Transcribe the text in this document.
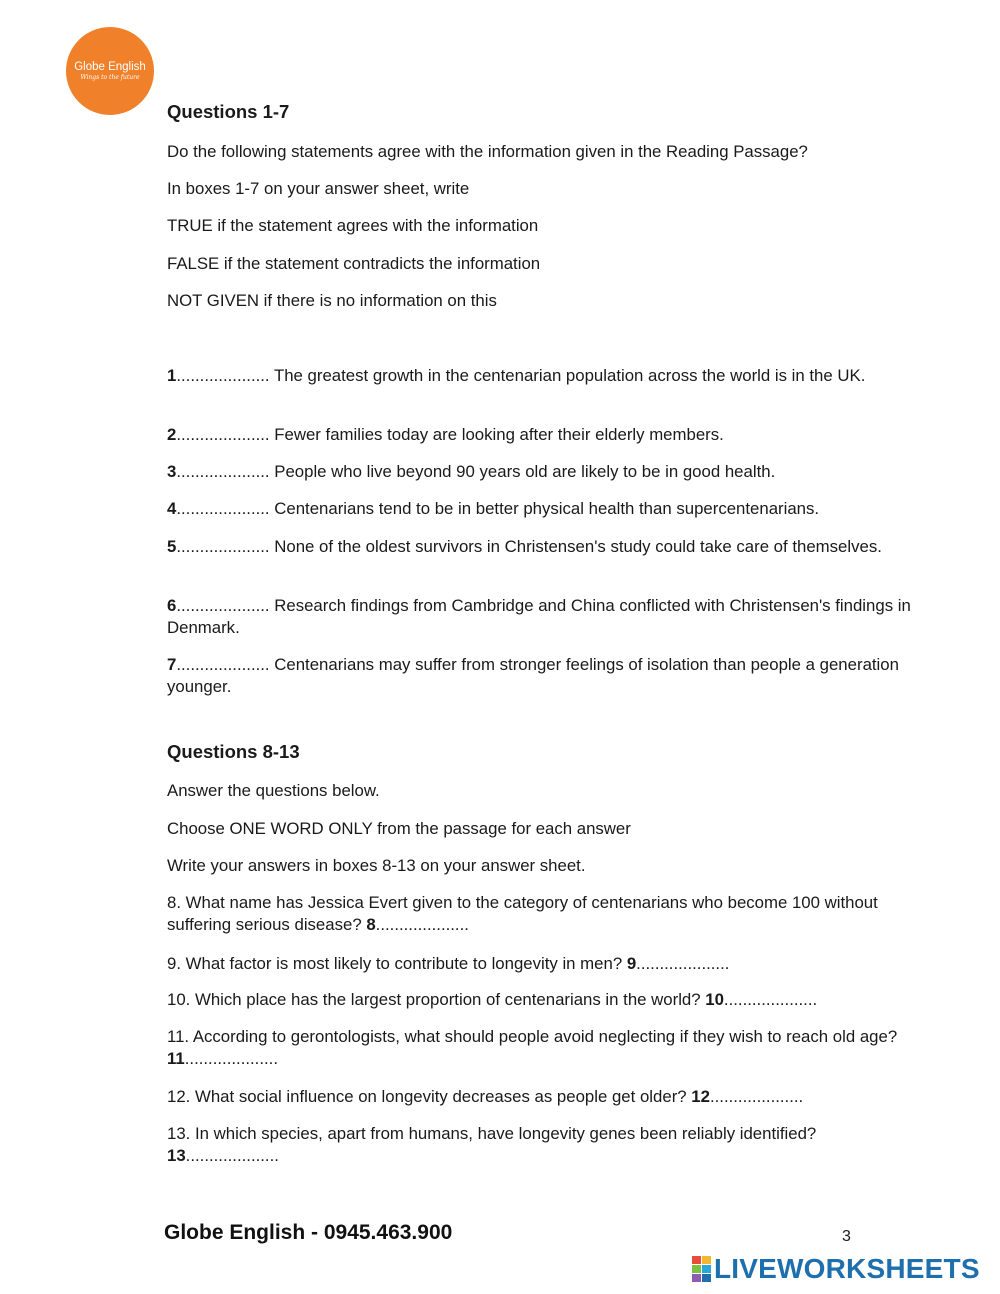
Globe English
Wings to the future
Questions 1-7
Do the following statements agree with the information given in the Reading Passage?
In boxes 1-7 on your answer sheet, write
TRUE if the statement agrees with the information
FALSE if the statement contradicts the information
NOT GIVEN if there is no information on this
1.................... The greatest growth in the centenarian population across the world is in the UK.
2.................... Fewer families today are looking after their elderly members.
3.................... People who live beyond 90 years old are likely to be in good health.
4.................... Centenarians tend to be in better physical health than supercentenarians.
5.................... None of the oldest survivors in Christensen's study could take care of themselves.
6.................... Research findings from Cambridge and China conflicted with Christensen's findings in Denmark.
7.................... Centenarians may suffer from stronger feelings of isolation than people a generation younger.
Questions 8-13
Answer the questions below.
Choose ONE WORD ONLY from the passage for each answer
Write your answers in boxes 8-13 on your answer sheet.
8. What name has Jessica Evert given to the category of centenarians who become 100 without suffering serious disease? 8....................
9. What factor is most likely to contribute to longevity in men? 9....................
10. Which place has the largest proportion of centenarians in the world? 10....................
11. According to gerontologists, what should people avoid neglecting if they wish to reach old age? 11....................
12. What social influence on longevity decreases as people get older? 12....................
13. In which species, apart from humans, have longevity genes been reliably identified? 13....................
Globe English - 0945.463.900	3
LIVEWORKSHEETS
